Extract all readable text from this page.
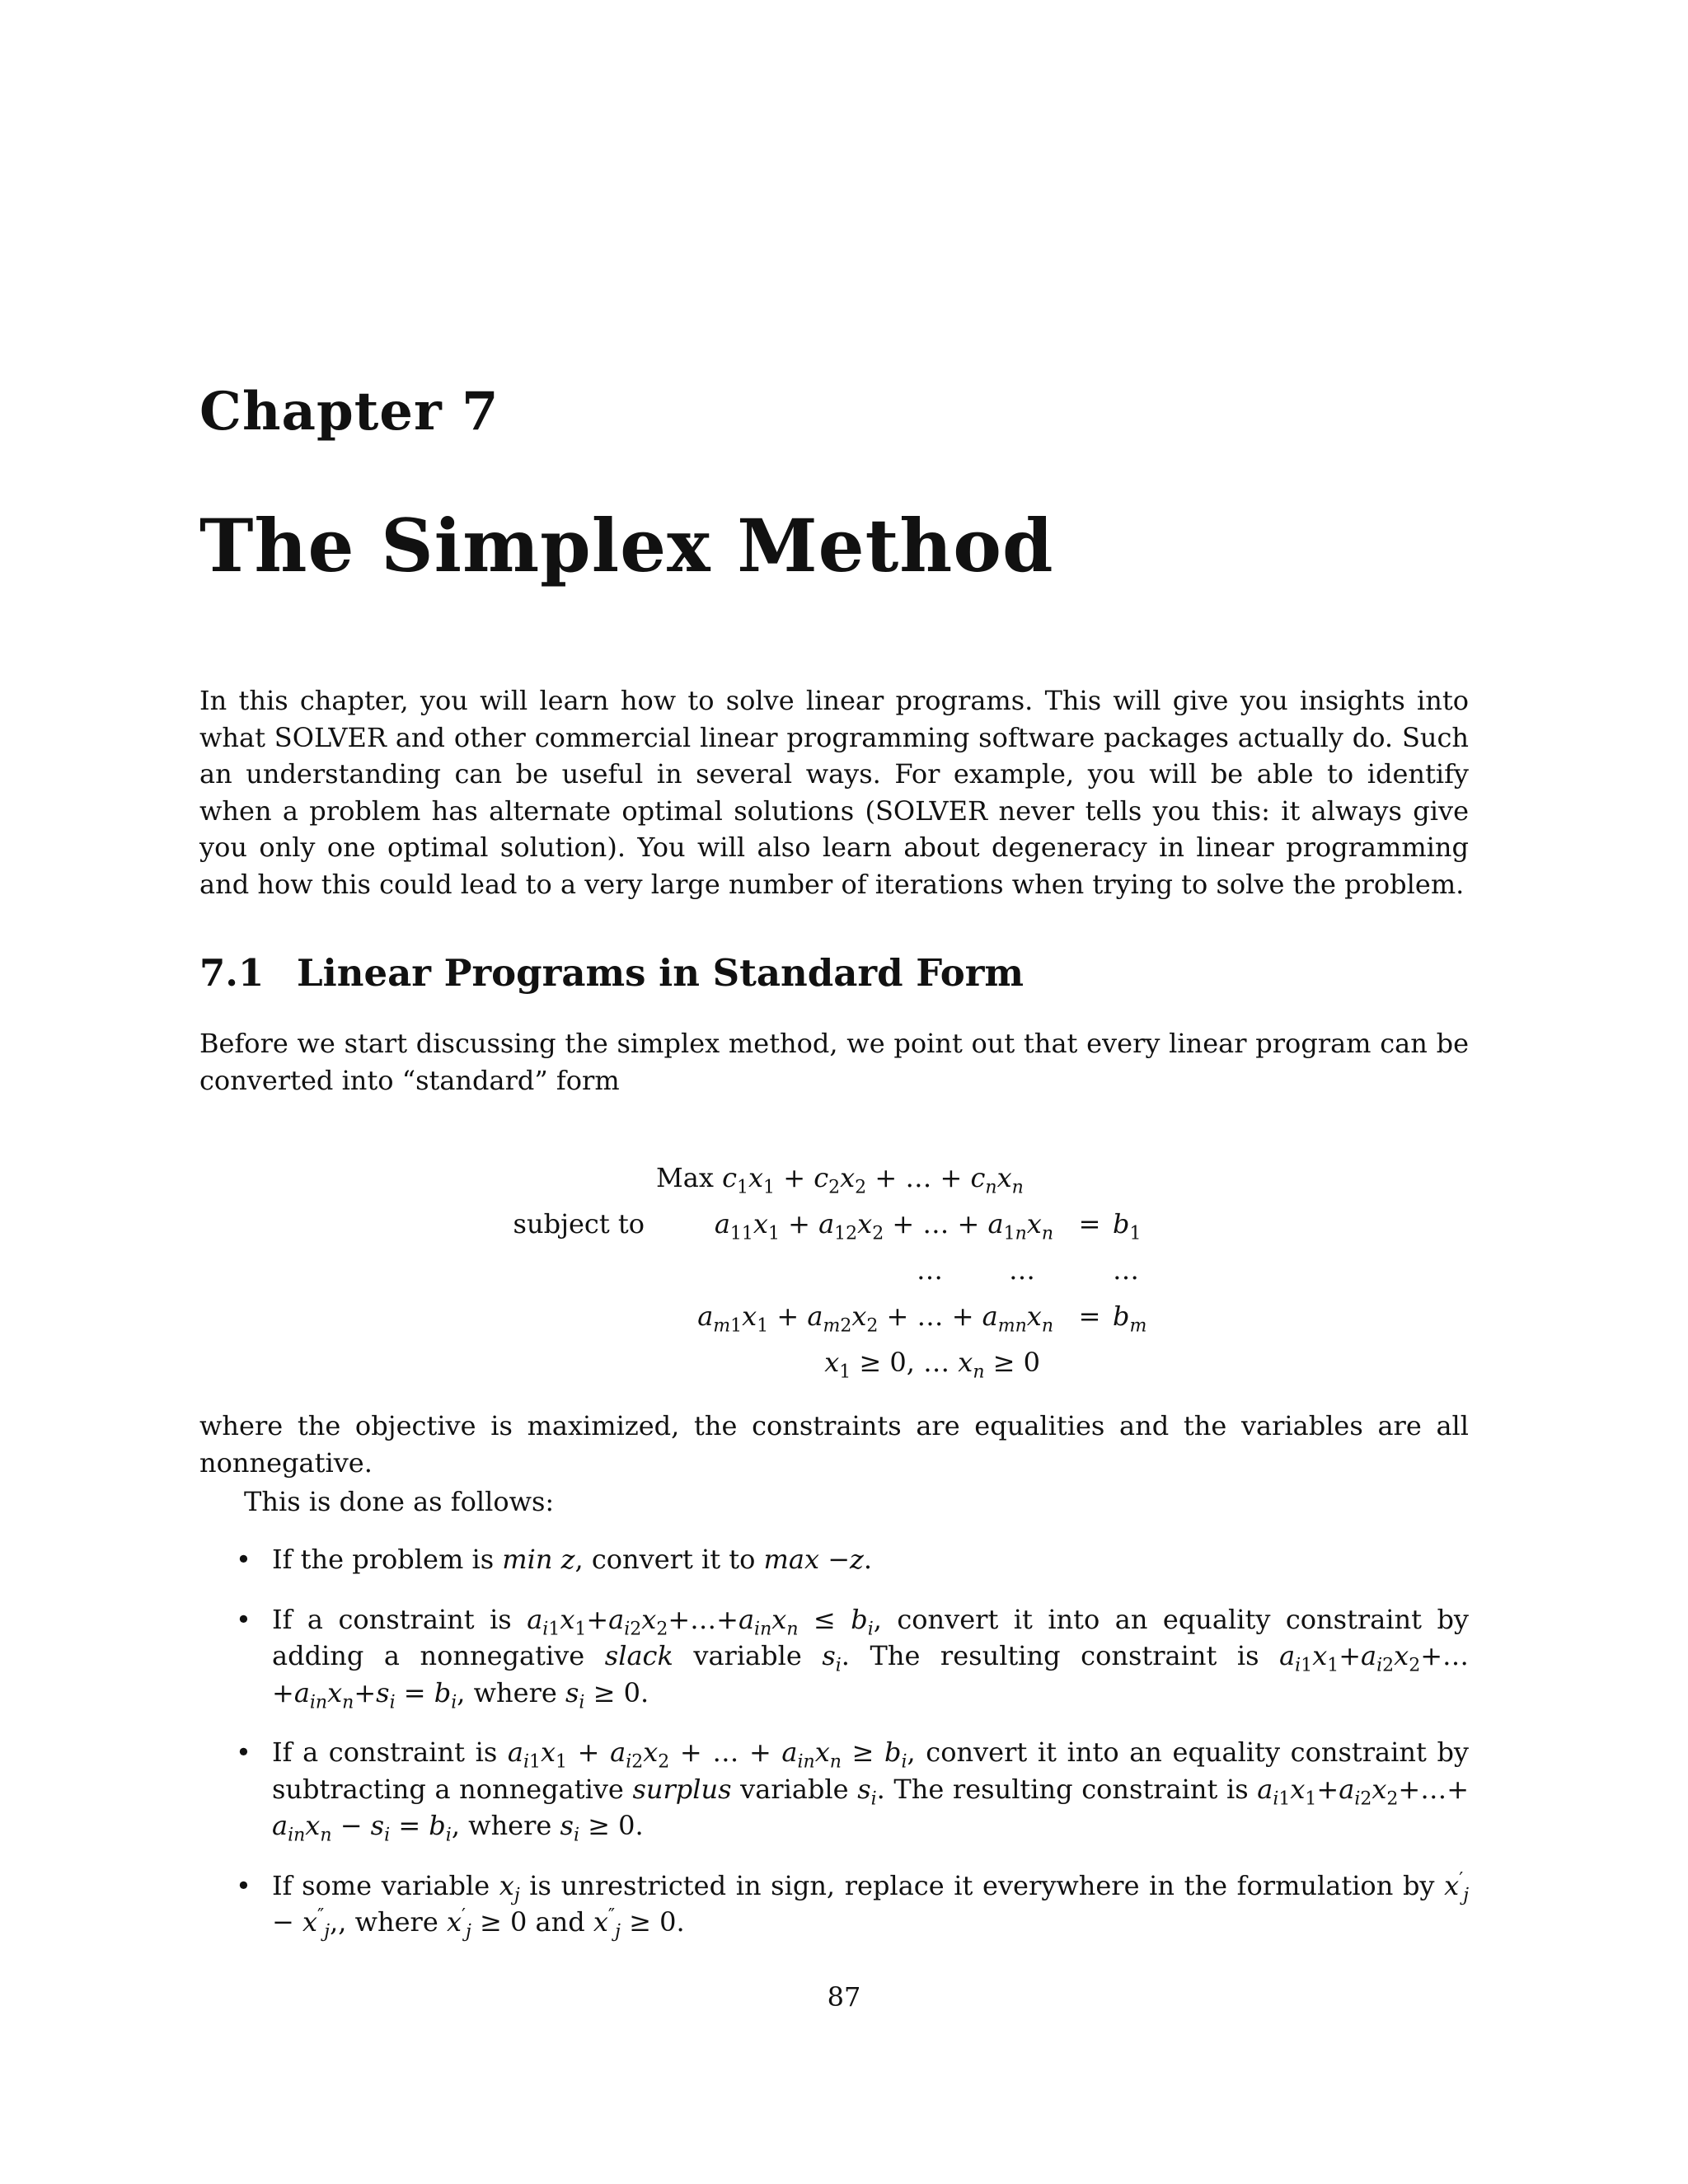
Chapter 7
The Simplex Method

In this chapter, you will learn how to solve linear programs. This will give you insights into what SOLVER and other commercial linear programming software packages actually do. Such an understanding can be useful in several ways. For example, you will be able to identify when a problem has alternate optimal solutions (SOLVER never tells you this: it always give you only one optimal solution). You will also learn about degeneracy in linear programming and how this could lead to a very large number of iterations when trying to solve the problem.

7.1 Linear Programs in Standard Form

Before we start discussing the simplex method, we point out that every linear program can be converted into “standard” form

Max $c_1x_1 + c_2x_2$ + … + $c_nx_n$
subject to	$a_{11}x_1 + a_{12}x_2$ + … + $a_{1n}x_n = b_1$
…	…	…
$a_{m1}x_1 + a_{m2}x_2$ + … + $a_{mn}x_n = b_m$
$x_1 \ge 0$, … $x_n \ge 0$

where the objective is maximized, the constraints are equalities and the variables are all nonnegative.

This is done as follows:

• If the problem is min z, convert it to max −z.
• If a constraint is $a_{i1}x_1+a_{i2}x_2+\dots+a_{in}x_n \le b_i$, convert it into an equality constraint by adding a nonnegative slack variable $s_i$. The resulting constraint is $a_{i1}x_1+a_{i2}x_2+\dots+a_{in}x_n+s_i = b_i$, where $s_i \ge 0$.
• If a constraint is $a_{i1}x_1 + a_{i2}x_2$ + … + $a_{in}x_n \ge b_i$, convert it into an equality constraint by subtracting a nonnegative surplus variable $s_i$. The resulting constraint is $a_{i1}x_1+a_{i2}x_2+\dots+ a_{in}x_n - s_i = b_i$, where $s_i \ge 0$.
• If some variable $x_j$ is unrestricted in sign, replace it everywhere in the formulation by $x'_j - x''_j$,, where $x'_j \ge 0$ and $x''_j \ge 0$.
87
